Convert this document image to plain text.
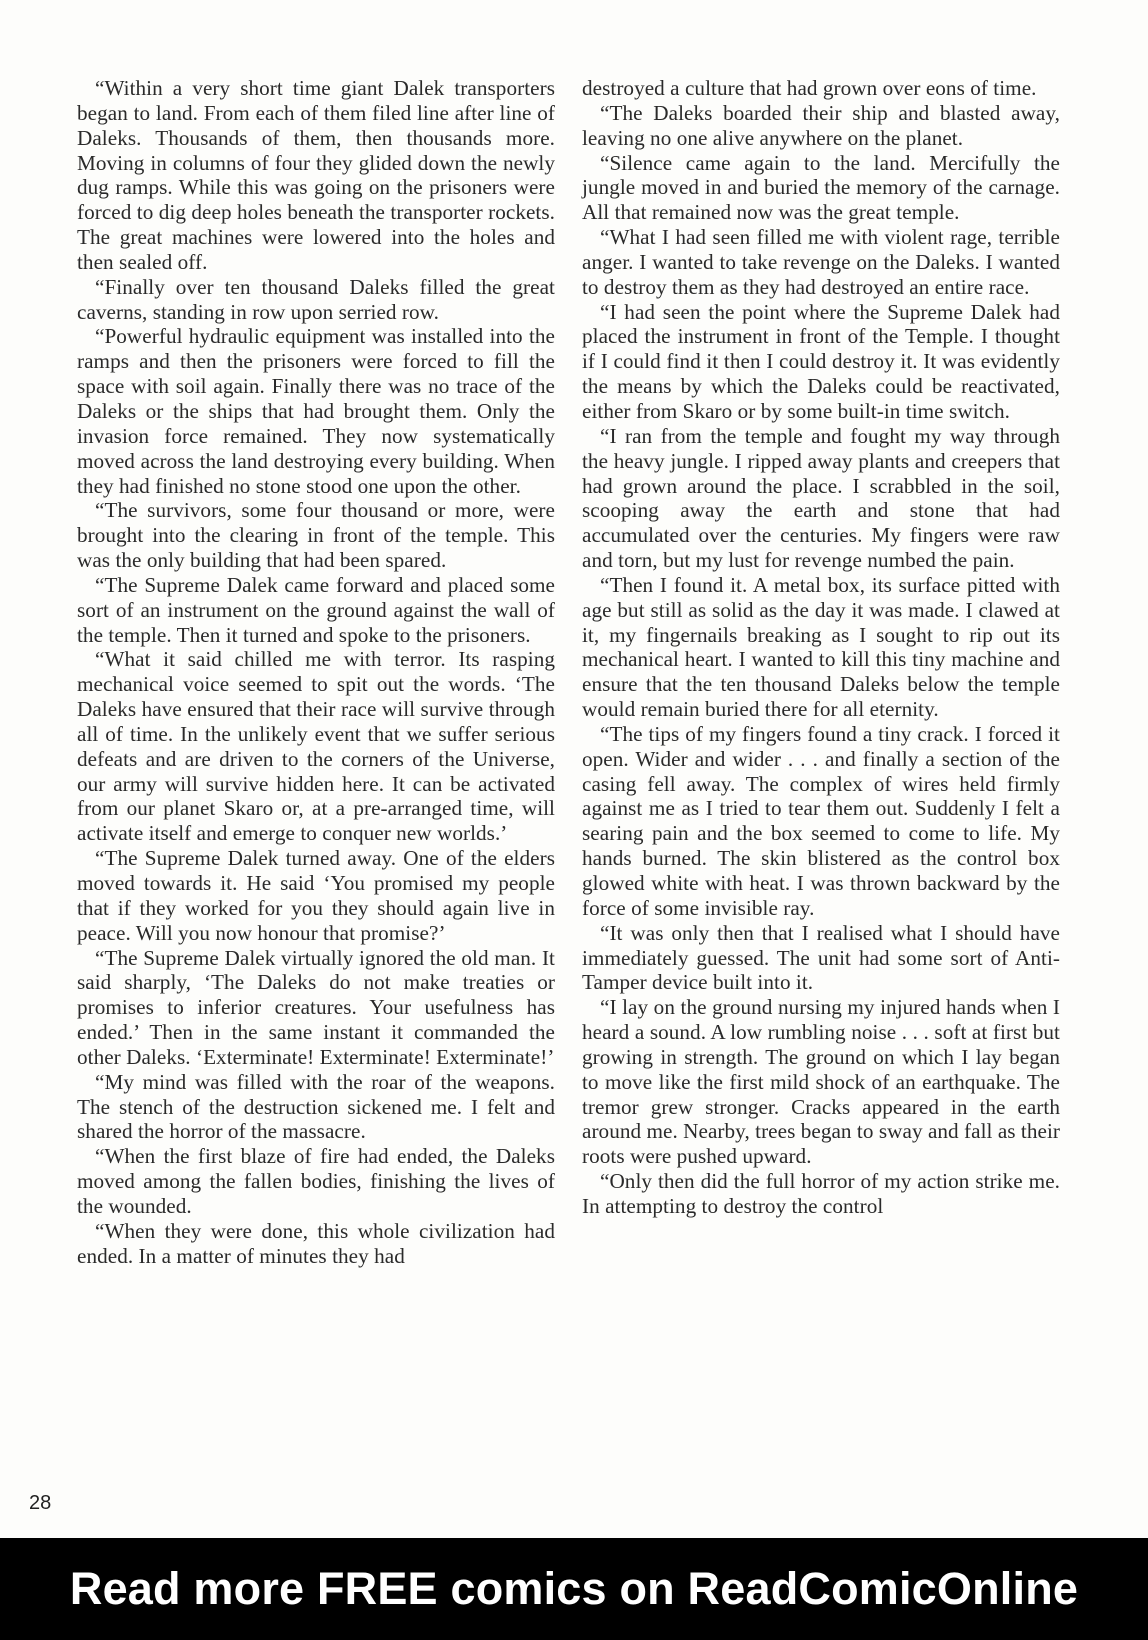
“Within a very short time giant Dalek transporters began to land. From each of them filed line after line of Daleks. Thousands of them, then thousands more. Moving in columns of four they glided down the newly dug ramps. While this was going on the prisoners were forced to dig deep holes beneath the transporter rockets. The great machines were lowered into the holes and then sealed off.

“Finally over ten thousand Daleks filled the great caverns, standing in row upon serried row.

“Powerful hydraulic equipment was installed into the ramps and then the prisoners were forced to fill the space with soil again. Finally there was no trace of the Daleks or the ships that had brought them. Only the invasion force remained. They now systematically moved across the land destroying every building. When they had finished no stone stood one upon the other.

“The survivors, some four thousand or more, were brought into the clearing in front of the temple. This was the only building that had been spared.

“The Supreme Dalek came forward and placed some sort of an instrument on the ground against the wall of the temple. Then it turned and spoke to the prisoners.

“What it said chilled me with terror. Its rasping mechanical voice seemed to spit out the words. ‘The Daleks have ensured that their race will survive through all of time. In the unlikely event that we suffer serious defeats and are driven to the corners of the Universe, our army will survive hidden here. It can be activated from our planet Skaro or, at a pre-arranged time, will activate itself and emerge to conquer new worlds.’

“The Supreme Dalek turned away. One of the elders moved towards it. He said ‘You promised my people that if they worked for you they should again live in peace. Will you now honour that promise?’

“The Supreme Dalek virtually ignored the old man. It said sharply, ‘The Daleks do not make treaties or promises to inferior creatures. Your usefulness has ended.’ Then in the same instant it commanded the other Daleks. ‘Exterminate! Exterminate! Exterminate!’

“My mind was filled with the roar of the weapons. The stench of the destruction sickened me. I felt and shared the horror of the massacre.

“When the first blaze of fire had ended, the Daleks moved among the fallen bodies, finishing the lives of the wounded.

“When they were done, this whole civilization had ended. In a matter of minutes they had

destroyed a culture that had grown over eons of time.

“The Daleks boarded their ship and blasted away, leaving no one alive anywhere on the planet.

“Silence came again to the land. Mercifully the jungle moved in and buried the memory of the carnage. All that remained now was the great temple.

“What I had seen filled me with violent rage, terrible anger. I wanted to take revenge on the Daleks. I wanted to destroy them as they had destroyed an entire race.

“I had seen the point where the Supreme Dalek had placed the instrument in front of the Temple. I thought if I could find it then I could destroy it. It was evidently the means by which the Daleks could be reactivated, either from Skaro or by some built-in time switch.

“I ran from the temple and fought my way through the heavy jungle. I ripped away plants and creepers that had grown around the place. I scrabbled in the soil, scooping away the earth and stone that had accumulated over the centuries. My fingers were raw and torn, but my lust for revenge numbed the pain.

“Then I found it. A metal box, its surface pitted with age but still as solid as the day it was made. I clawed at it, my fingernails breaking as I sought to rip out its mechanical heart. I wanted to kill this tiny machine and ensure that the ten thousand Daleks below the temple would remain buried there for all eternity.

“The tips of my fingers found a tiny crack. I forced it open. Wider and wider . . . and finally a section of the casing fell away. The complex of wires held firmly against me as I tried to tear them out. Suddenly I felt a searing pain and the box seemed to come to life. My hands burned. The skin blistered as the control box glowed white with heat. I was thrown backward by the force of some invisible ray.

“It was only then that I realised what I should have immediately guessed. The unit had some sort of Anti-Tamper device built into it.

“I lay on the ground nursing my injured hands when I heard a sound. A low rumbling noise . . . soft at first but growing in strength. The ground on which I lay began to move like the first mild shock of an earthquake. The tremor grew stronger. Cracks appeared in the earth around me. Nearby, trees began to sway and fall as their roots were pushed upward.

“Only then did the full horror of my action strike me. In attempting to destroy the control

28
Read more FREE comics on ReadComicOnline
